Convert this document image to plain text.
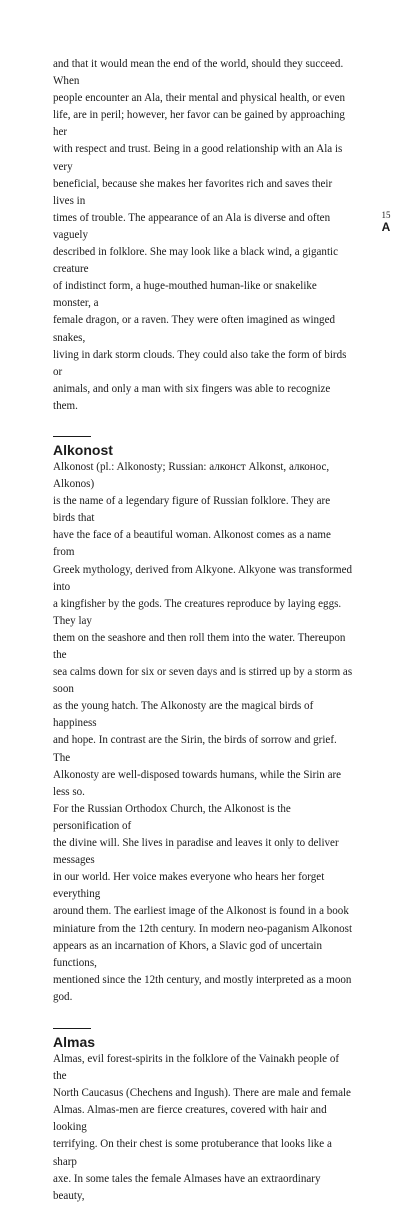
and that it would mean the end of the world, should they succeed. When
people encounter an Ala, their mental and physical health, or even
life, are in peril; however, her favor can be gained by approaching her
with respect and trust. Being in a good relationship with an Ala is very
beneficial, because she makes her favorites rich and saves their lives in
times of trouble. The appearance of an Ala is diverse and often vaguely
described in folklore. She may look like a black wind, a gigantic creature
of indistinct form, a huge-mouthed human-like or snakelike monster, a
female dragon, or a raven. They were often imagined as winged snakes,
living in dark storm clouds. They could also take the form of birds or
animals, and only a man with six fingers was able to recognize them.
Alkonost
Alkonost (pl.: Alkonosty; Russian: алконст Alkonst, алконос, Alkonos)
is the name of a legendary figure of Russian folklore. They are birds that
have the face of a beautiful woman. Alkonost comes as a name from
Greek mythology, derived from Alkyone. Alkyone was transformed into
a kingfisher by the gods. The creatures reproduce by laying eggs. They lay
them on the seashore and then roll them into the water. Thereupon the
sea calms down for six or seven days and is stirred up by a storm as soon
as the young hatch. The Alkonosty are the magical birds of happiness
and hope. In contrast are the Sirin, the birds of sorrow and grief. The
Alkonosty are well-disposed towards humans, while the Sirin are less so.
For the Russian Orthodox Church, the Alkonost is the personification of
the divine will. She lives in paradise and leaves it only to deliver messages
in our world. Her voice makes everyone who hears her forget everything
around them. The earliest image of the Alkonost is found in a book
miniature from the 12th century. In modern neo-paganism Alkonost
appears as an incarnation of Khors, a Slavic god of uncertain functions,
mentioned since the 12th century, and mostly interpreted as a moon god.
Almas
Almas, evil forest-spirits in the folklore of the Vainakh people of the
North Caucasus (Chechens and Ingush). There are male and female
Almas. Almas-men are fierce creatures, covered with hair and looking
terrifying. On their chest is some protuberance that looks like a sharp
axe. In some tales the female Almases have an extraordinary beauty,
15
A
